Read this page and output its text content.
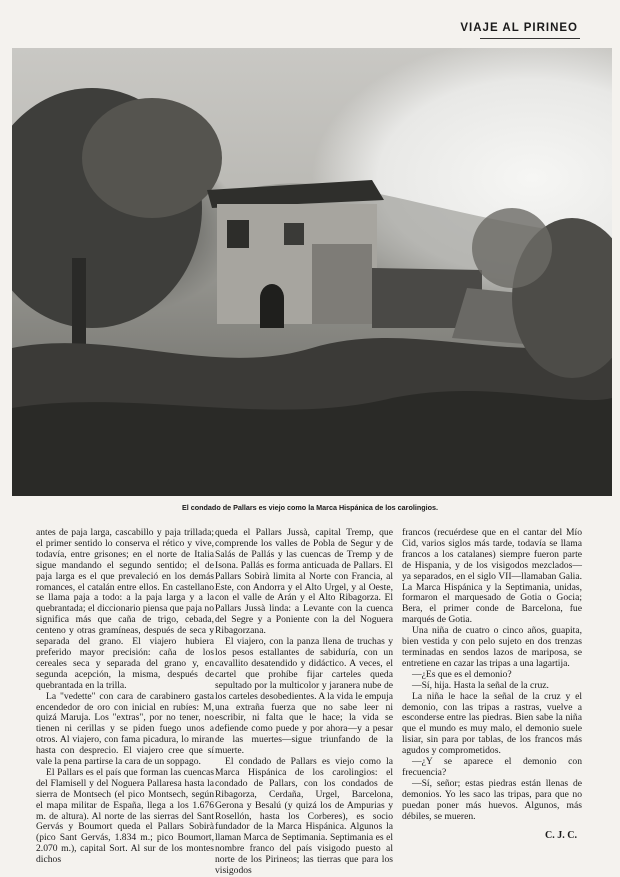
VIAJE AL PIRINEO
El condado de Pallars es viejo como la Marca Hispánica de los carolingios.

antes de paja larga, cascabillo y paja trillada; el primer sentido lo conserva el rético y vive, todavía, entre grisones; en el norte de Italia sigue mandando el segundo sentido; el de paja larga es el que prevaleció en los demás romances, el catalán entre ellos. En castellano se llama paja a todo: a la paja larga y a la quebrantada; el diccionario piensa que paja no significa más que caña de trigo, cebada, centeno y otras gramíneas, después de seca y separada del grano. El viajero hubiera preferido mayor precisión: caña de los cereales seca y separada del grano y, en segunda acepción, la misma, después de quebrantada en la trilla.

La "vedette" con cara de carabinero gasta encendedor de oro con inicial en rubíes: M, quizá Maruja. Los "extras", por no tener, no tienen ni cerillas y se piden fuego unos a otros. Al viajero, con fama picadura, lo miran hasta con desprecio. El viajero cree que sí vale la pena partirse la cara de un soppago.

El Pallars es el país que forman las cuencas del Flamisell y del Noguera Pallaresa hasta la sierra de Montsech (el pico Montsech, según el mapa militar de España, llega a los 1.676 m. de altura). Al norte de las sierras del Sant Gervás y Boumort queda el Pallars Sobirà (pico Sant Gervás, 1.834 m.; pico Boumort, 2.070 m.), capital Sort. Al sur de los montes dichos

queda el Pallars Jussà, capital Tremp, que comprende los valles de Pobla de Segur y de Salás de Pallás y las cuencas de Tremp y de Isona. Pallás es forma anticuada de Pallars. El Pallars Sobirà limita al Norte con Francia, al Este, con Andorra y el Alto Urgel, y al Oeste, con el valle de Arán y el Alto Ribagorza. El Pallars Jussà linda: a Levante con la cuenca del Segre y a Poniente con la del Noguera Ribagorzana.

El viajero, con la panza llena de truchas y los pesos estallantes de sabiduría, con un cavallito desatendido y didáctico. A veces, el cartel que prohíbe fijar carteles queda sepultado por la multicolor y jaranera nube de los carteles desobedientes. A la vida le empuja una extraña fuerza que no sabe leer ni escribir, ni falta que le hace; la vida se defiende como puede y por ahora—y a pesar de las muertes—sigue triunfando de la muerte.

El condado de Pallars es viejo como la Marca Hispánica de los carolingios: el condado de Pallars, con los condados de Ribagorza, Cerdaña, Urgel, Barcelona, Gerona y Besalú (y quizá los de Ampurias y Rosellón, hasta los Corberes), es socio fundador de la Marca Hispánica. Algunos la llaman Marca de Septimania. Septimania es el nombre franco del país visigodo puesto al norte de los Pirineos; las tierras que para los visigodos

francos (recuérdese que en el cantar del Mío Cid, varios siglos más tarde, todavía se llama francos a los catalanes) siempre fueron parte de Hispania, y de los visigodos mezclados—ya separados, en el siglo VII—llamaban Galia. La Marca Hispánica y la Septimania, unidas, formaron el marquesado de Gotia o Gocia; Bera, el primer conde de Barcelona, fue marqués de Gotia.

Una niña de cuatro o cinco años, guapita, bien vestida y con pelo sujeto en dos trenzas terminadas en sendos lazos de mariposa, se entretiene en cazar las tripas a una lagartija.

—¿Es que es el demonio?

—Sí, hija. Hasta la señal de la cruz.

La niña le hace la señal de la cruz y el demonio, con las tripas a rastras, vuelve a esconderse entre las piedras. Bien sabe la niña que el mundo es muy malo, el demonio suele lisiar, sin para por tablas, de los francos más agudos y comprometidos.

—¿Y se aparece el demonio con frecuencia?

—Sí, señor; estas piedras están llenas de demonios. Yo les saco las tripas, para que no puedan poner más huevos. Algunos, más débiles, se mueren.

C. J. C.
